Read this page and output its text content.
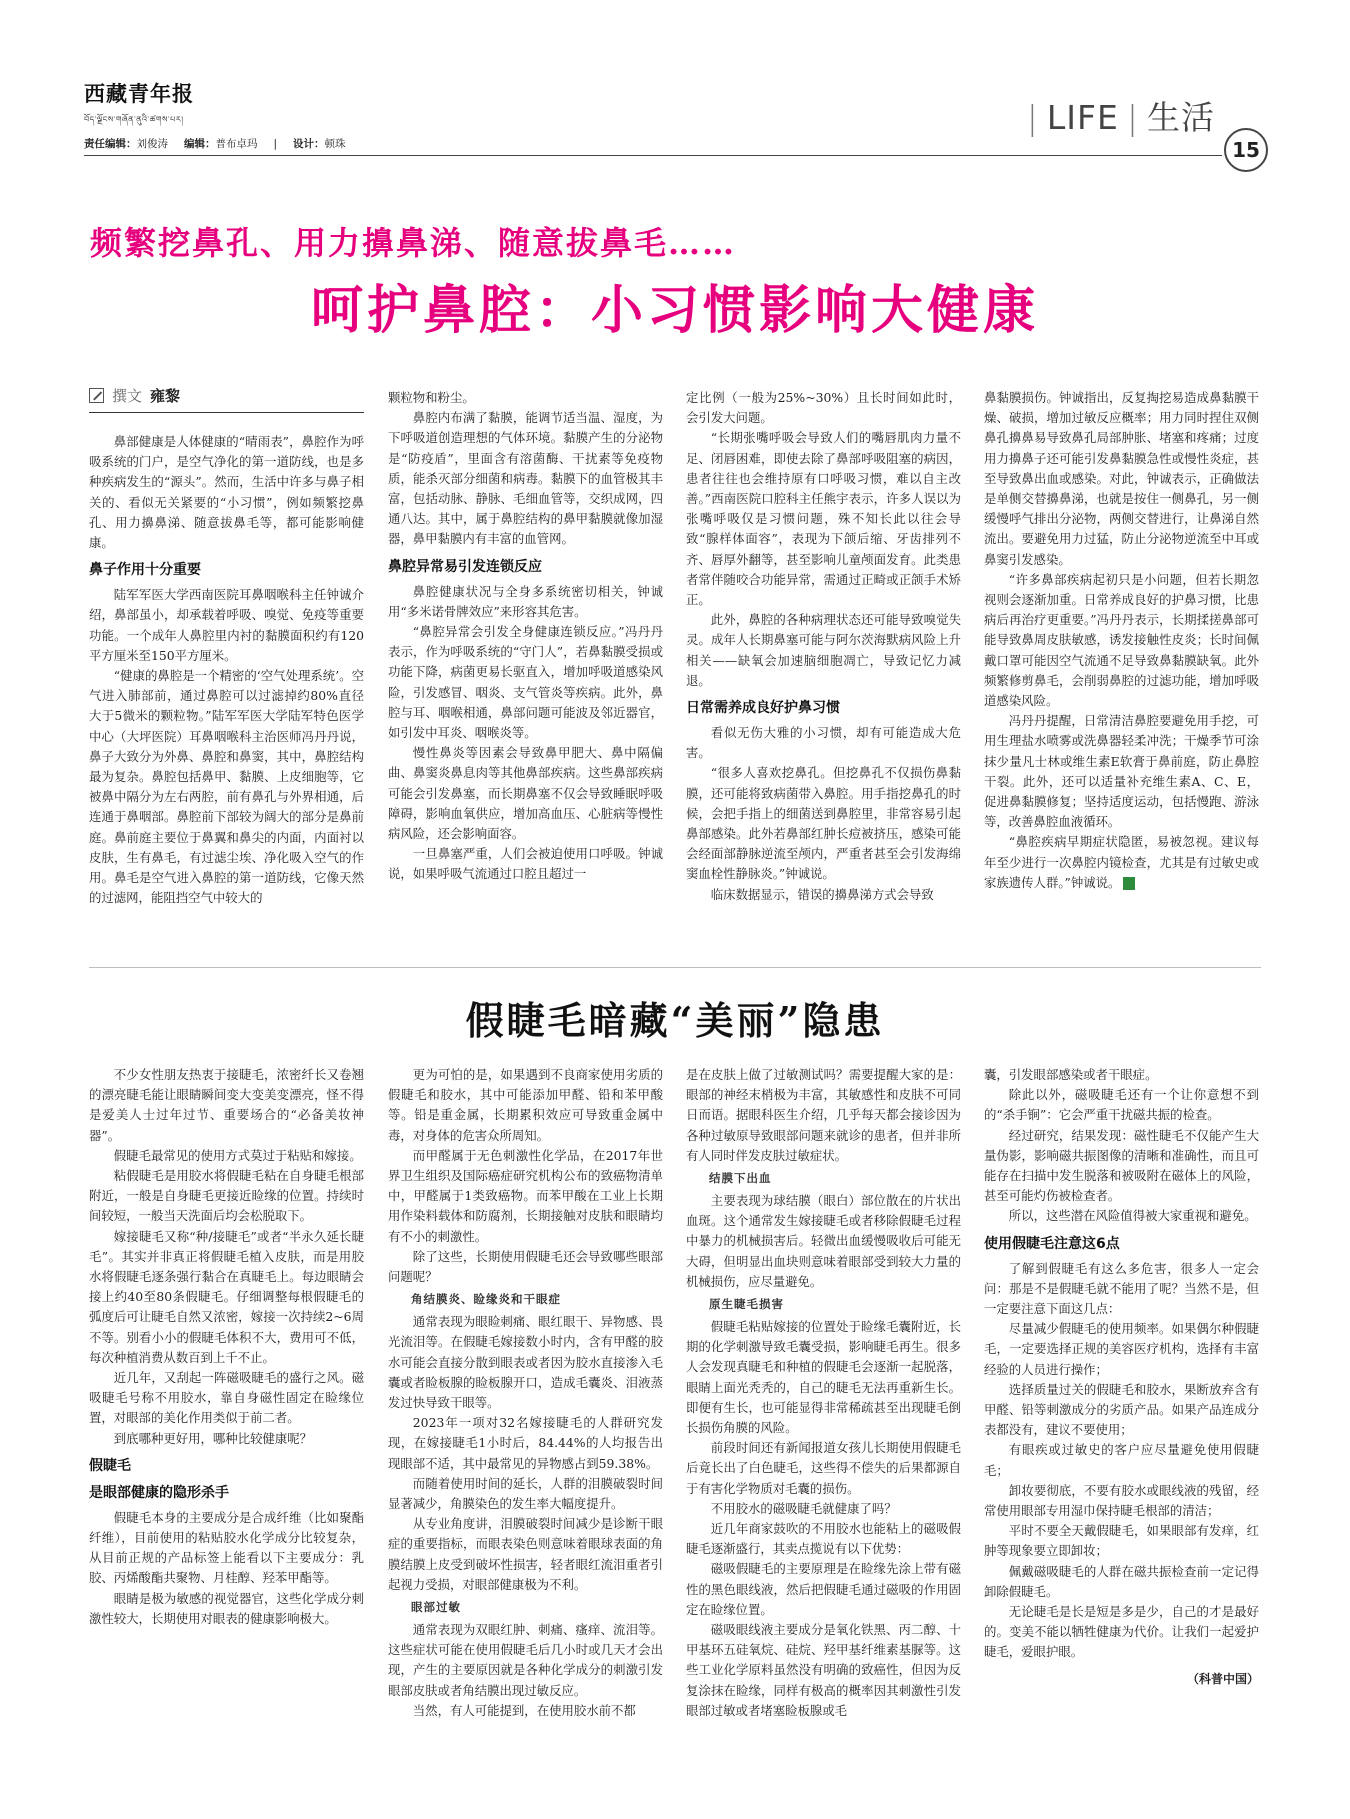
西藏青年报
བོད་ལྗོངས་གཞོན་ནུའི་ཚགས་པར།	| LIFE | 生活
责任编辑：刘俊涛 编辑：普布卓玛 | 设计：顿珠	15
频繁挖鼻孔、用力擤鼻涕、随意拔鼻毛……
呵护鼻腔：小习惯影响大健康
撰文 雍黎

鼻部健康是人体健康的“晴雨表”，鼻腔作为呼吸系统的门户，是空气净化的第一道防线，也是多种疾病发生的“源头”。然而，生活中许多与鼻子相关的、看似无关紧要的“小习惯”，例如频繁挖鼻孔、用力擤鼻涕、随意拔鼻毛等，都可能影响健康。

鼻子作用十分重要

陆军军医大学西南医院耳鼻咽喉科主任钟诚介绍，鼻部虽小，却承载着呼吸、嗅觉、免疫等重要功能。一个成年人鼻腔里内衬的黏膜面积约有120平方厘米至150平方厘米。

“健康的鼻腔是一个精密的‘空气处理系统’。空气进入肺部前，通过鼻腔可以过滤掉约80%直径大于5微米的颗粒物。”陆军军医大学陆军特色医学中心（大坪医院）耳鼻咽喉科主治医师冯丹丹说，鼻子大致分为外鼻、鼻腔和鼻窦，其中，鼻腔结构最为复杂。鼻腔包括鼻甲、黏膜、上皮细胞等，它被鼻中隔分为左右两腔，前有鼻孔与外界相通，后连通于鼻咽部。鼻腔前下部较为阔大的部分是鼻前庭。鼻前庭主要位于鼻翼和鼻尖的内面，内面衬以皮肤，生有鼻毛，有过滤尘埃、净化吸入空气的作用。鼻毛是空气进入鼻腔的第一道防线，它像天然的过滤网，能阻挡空气中较大的

颗粒物和粉尘。

鼻腔内布满了黏膜，能调节适当温、湿度，为下呼吸道创造理想的气体环境。黏膜产生的分泌物是“防疫盾”，里面含有溶菌酶、干扰素等免疫物质，能杀灭部分细菌和病毒。黏膜下的血管极其丰富，包括动脉、静脉、毛细血管等，交织成网，四通八达。其中，属于鼻腔结构的鼻甲黏膜就像加湿器，鼻甲黏膜内有丰富的血管网。

鼻腔异常易引发连锁反应

鼻腔健康状况与全身多系统密切相关，钟诚用“多米诺骨牌效应”来形容其危害。

“鼻腔异常会引发全身健康连锁反应。”冯丹丹表示，作为呼吸系统的“守门人”，若鼻黏膜受损或功能下降，病菌更易长驱直入，增加呼吸道感染风险，引发感冒、咽炎、支气管炎等疾病。此外，鼻腔与耳、咽喉相通，鼻部问题可能波及邻近器官，如引发中耳炎、咽喉炎等。

慢性鼻炎等因素会导致鼻甲肥大、鼻中隔偏曲、鼻窦炎鼻息肉等其他鼻部疾病。这些鼻部疾病可能会引发鼻塞，而长期鼻塞不仅会导致睡眠呼吸障碍，影响血氧供应，增加高血压、心脏病等慢性病风险，还会影响面容。

一旦鼻塞严重，人们会被迫使用口呼吸。钟诚说，如果呼吸气流通过口腔且超过一

定比例（一般为25%~30%）且长时间如此时，会引发大问题。

“长期张嘴呼吸会导致人们的嘴唇肌肉力量不足、闭唇困难，即使去除了鼻部呼吸阻塞的病因，患者往往也会维持原有口呼吸习惯，难以自主改善。”西南医院口腔科主任熊宇表示，许多人误以为张嘴呼吸仅是习惯问题，殊不知长此以往会导致“腺样体面容”，表现为下颌后缩、牙齿排列不齐、唇厚外翻等，甚至影响儿童颅面发育。此类患者常伴随咬合功能异常，需通过正畸或正颌手术矫正。

此外，鼻腔的各种病理状态还可能导致嗅觉失灵。成年人长期鼻塞可能与阿尔茨海默病风险上升相关——缺氧会加速脑细胞凋亡，导致记忆力减退。

日常需养成良好护鼻习惯

看似无伤大雅的小习惯，却有可能造成大危害。

“很多人喜欢挖鼻孔。但挖鼻孔不仅损伤鼻黏膜，还可能将致病菌带入鼻腔。用手指挖鼻孔的时候，会把手指上的细菌送到鼻腔里，非常容易引起鼻部感染。此外若鼻部红肿长痘被挤压，感染可能会经面部静脉逆流至颅内，严重者甚至会引发海绵窦血栓性静脉炎。”钟诚说。

临床数据显示，错误的擤鼻涕方式会导致

鼻黏膜损伤。钟诚指出，反复掏挖易造成鼻黏膜干燥、破损，增加过敏反应概率；用力同时捏住双侧鼻孔擤鼻易导致鼻孔局部肿胀、堵塞和疼痛；过度用力擤鼻子还可能引发鼻黏膜急性或慢性炎症，甚至导致鼻出血或感染。对此，钟诚表示，正确做法是单侧交替擤鼻涕，也就是按住一侧鼻孔，另一侧缓慢呼气排出分泌物，两侧交替进行，让鼻涕自然流出。要避免用力过猛，防止分泌物逆流至中耳或鼻窦引发感染。

“许多鼻部疾病起初只是小问题，但若长期忽视则会逐渐加重。日常养成良好的护鼻习惯，比患病后再治疗更重要。”冯丹丹表示，长期揉搓鼻部可能导致鼻周皮肤敏感，诱发接触性皮炎；长时间佩戴口罩可能因空气流通不足导致鼻黏膜缺氧。此外频繁修剪鼻毛，会削弱鼻腔的过滤功能，增加呼吸道感染风险。

冯丹丹提醒，日常清洁鼻腔要避免用手挖，可用生理盐水喷雾或洗鼻器轻柔冲洗；干燥季节可涂抹少量凡士林或维生素E软膏于鼻前庭，防止鼻腔干裂。此外，还可以适量补充维生素A、C、E，促进鼻黏膜修复；坚持适度运动，包括慢跑、游泳等，改善鼻腔血液循环。

“鼻腔疾病早期症状隐匿，易被忽视。建议每年至少进行一次鼻腔内镜检查，尤其是有过敏史或家族遗传人群。”钟诚说。

假睫毛暗藏“美丽”隐患

不少女性朋友热衷于接睫毛，浓密纤长又卷翘的漂亮睫毛能让眼睛瞬间变大变美变漂亮，怪不得是爱美人士过年过节、重要场合的“必备美妆神器”。

假睫毛最常见的使用方式莫过于粘贴和嫁接。

粘假睫毛是用胶水将假睫毛粘在自身睫毛根部附近，一般是自身睫毛更接近睑缘的位置。持续时间较短，一般当天洗面后均会松脱取下。

嫁接睫毛又称“种/接睫毛”或者“半永久延长睫毛”。其实并非真正将假睫毛植入皮肤，而是用胶水将假睫毛逐条强行黏合在真睫毛上。每边眼睛会接上约40至80条假睫毛。仔细调整每根假睫毛的弧度后可让睫毛自然又浓密，嫁接一次持续2~6周不等。别看小小的假睫毛体积不大，费用可不低，每次种植消费从数百到上千不止。

近几年，又刮起一阵磁吸睫毛的盛行之风。磁吸睫毛号称不用胶水，靠自身磁性固定在睑缘位置，对眼部的美化作用类似于前二者。

到底哪种更好用，哪种比较健康呢？

假睫毛
是眼部健康的隐形杀手

假睫毛本身的主要成分是合成纤维（比如聚酯纤维），目前使用的粘贴胶水化学成分比较复杂，从目前正规的产品标签上能看以下主要成分：乳胶、丙烯酸酯共聚物、月桂醇、羟苯甲酯等。

眼睛是极为敏感的视觉器官，这些化学成分刺激性较大，长期使用对眼表的健康影响极大。

更为可怕的是，如果遇到不良商家使用劣质的假睫毛和胶水，其中可能添加甲醛、铅和苯甲酸等。铅是重金属，长期累积效应可导致重金属中毒，对身体的危害众所周知。

而甲醛属于无色刺激性化学品，在2017年世界卫生组织及国际癌症研究机构公布的致癌物清单中，甲醛属于1类致癌物。而苯甲酸在工业上长期用作染料载体和防腐剂，长期接触对皮肤和眼睛均有不小的刺激性。

除了这些，长期使用假睫毛还会导致哪些眼部问题呢？

角结膜炎、睑缘炎和干眼症

通常表现为眼睑刺痛、眼红眼干、异物感、畏光流泪等。在假睫毛嫁接数小时内，含有甲醛的胶水可能会直接分散到眼表或者因为胶水直接渗入毛囊或者睑板腺的睑板腺开口，造成毛囊炎、泪液蒸发过快导致干眼等。

2023年一项对32名嫁接睫毛的人群研究发现，在嫁接睫毛1小时后，84.44%的人均报告出现眼部不适，其中最常见的异物感占到59.38%。

而随着使用时间的延长，人群的泪膜破裂时间显著减少，角膜染色的发生率大幅度提升。

从专业角度讲，泪膜破裂时间减少是诊断干眼症的重要指标，而眼表染色则意味着眼球表面的角膜结膜上皮受到破坏性损害，轻者眼红流泪重者引起视力受损，对眼部健康极为不利。

眼部过敏

通常表现为双眼红肿、刺痛、瘙痒、流泪等。这些症状可能在使用假睫毛后几小时或几天才会出现，产生的主要原因就是各种化学成分的刺激引发眼部皮肤或者角结膜出现过敏反应。

当然，有人可能提到，在使用胶水前不都

是在皮肤上做了过敏测试吗？需要提醒大家的是：眼部的神经末梢极为丰富，其敏感性和皮肤不可同日而语。据眼科医生介绍，几乎每天都会接诊因为各种过敏原导致眼部问题来就诊的患者，但并非所有人同时伴发皮肤过敏症状。

结膜下出血

主要表现为球结膜（眼白）部位散在的片状出血斑。这个通常发生嫁接睫毛或者移除假睫毛过程中暴力的机械损害后。轻微出血缓慢吸收后可能无大碍，但明显出血块则意味着眼部受到较大力量的机械损伤，应尽量避免。

原生睫毛损害

假睫毛粘贴嫁接的位置处于睑缘毛囊附近，长期的化学刺激导致毛囊受损，影响睫毛再生。很多人会发现真睫毛和种植的假睫毛会逐渐一起脱落，眼睛上面光秃秃的，自己的睫毛无法再重新生长。即便有生长，也可能显得非常稀疏甚至出现睫毛倒长损伤角膜的风险。

前段时间还有新闻报道女孩儿长期使用假睫毛后竟长出了白色睫毛，这些得不偿失的后果都源自于有害化学物质对毛囊的损伤。

不用胶水的磁吸睫毛就健康了吗？

近几年商家鼓吹的不用胶水也能粘上的磁吸假睫毛逐渐盛行，其卖点揽说有以下优势：

磁吸假睫毛的主要原理是在睑缘先涂上带有磁性的黑色眼线液，然后把假睫毛通过磁吸的作用固定在睑缘位置。

磁吸眼线液主要成分是氧化铁黑、丙二醇、十甲基环五硅氧烷、硅烷、羟甲基纤维素基脲等。这些工业化学原料虽然没有明确的致癌性，但因为反复涂抹在睑缘，同样有极高的概率因其刺激性引发眼部过敏或者堵塞睑板腺或毛

囊，引发眼部感染或者干眼症。

除此以外，磁吸睫毛还有一个让你意想不到的“杀手锏”：它会严重干扰磁共振的检查。

经过研究，结果发现：磁性睫毛不仅能产生大量伪影，影响磁共振图像的清晰和准确性，而且可能存在扫描中发生脱落和被吸附在磁体上的风险，甚至可能灼伤被检查者。

所以，这些潜在风险值得被大家重视和避免。

使用假睫毛注意这6点

了解到假睫毛有这么多危害，很多人一定会问：那是不是假睫毛就不能用了呢？当然不是，但一定要注意下面这几点：

尽量减少假睫毛的使用频率。如果偶尔种假睫毛，一定要选择正规的美容医疗机构，选择有丰富经验的人员进行操作；

选择质量过关的假睫毛和胶水，果断放弃含有甲醛、铅等刺激成分的劣质产品。如果产品连成分表都没有，建议不要使用；

有眼疾或过敏史的客户应尽量避免使用假睫毛；

卸妆要彻底，不要有胶水或眼线液的残留，经常使用眼部专用湿巾保持睫毛根部的清洁；

平时不要全天戴假睫毛，如果眼部有发痒，红肿等现象要立即卸妆；

佩戴磁吸睫毛的人群在磁共振检查前一定记得卸除假睫毛。

无论睫毛是长是短是多是少，自己的才是最好的。变美不能以牺牲健康为代价。让我们一起爱护睫毛，爱眼护眼。

（科普中国）
